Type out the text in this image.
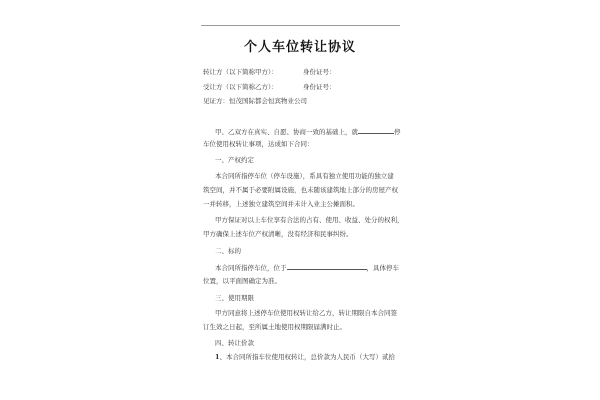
个人车位转让协议
转让方（以下简称甲方）：	身份证号：
受让方（以下简称乙方）：	身份证号：
见证方：恒茂国际都会恒宾物业公司
甲、乙双方在真实、自愿、协商一致的基础上，就	停
车位使用权转让事项，达成如下合同：
一、产权约定
本合同所指停车位（停车设施），系具有独立使用功能的独立建
筑空间，并不属于必要附属设施，也未随该建筑地上部分的房屋产权
一并转移，上述独立建筑空间并未计入业主公摊面积。
甲方保证对以上车位享有合法的占有、使用、收益、处分的权利，
甲方确保上述车位产权清晰，没有经济和民事纠纷。
二、标的
本合同所指停车位，位于	，具体停车
位置，以平面图确定为准。
三、使用期限
甲方同意将上述停车位使用权转让给乙方，转让期限自本合同签
订生效之日起，至所属土地使用权期限届满时止。
四、转让价款
1、本合同所指车位使用权转让，总价款为人民币（大写）贰拾
